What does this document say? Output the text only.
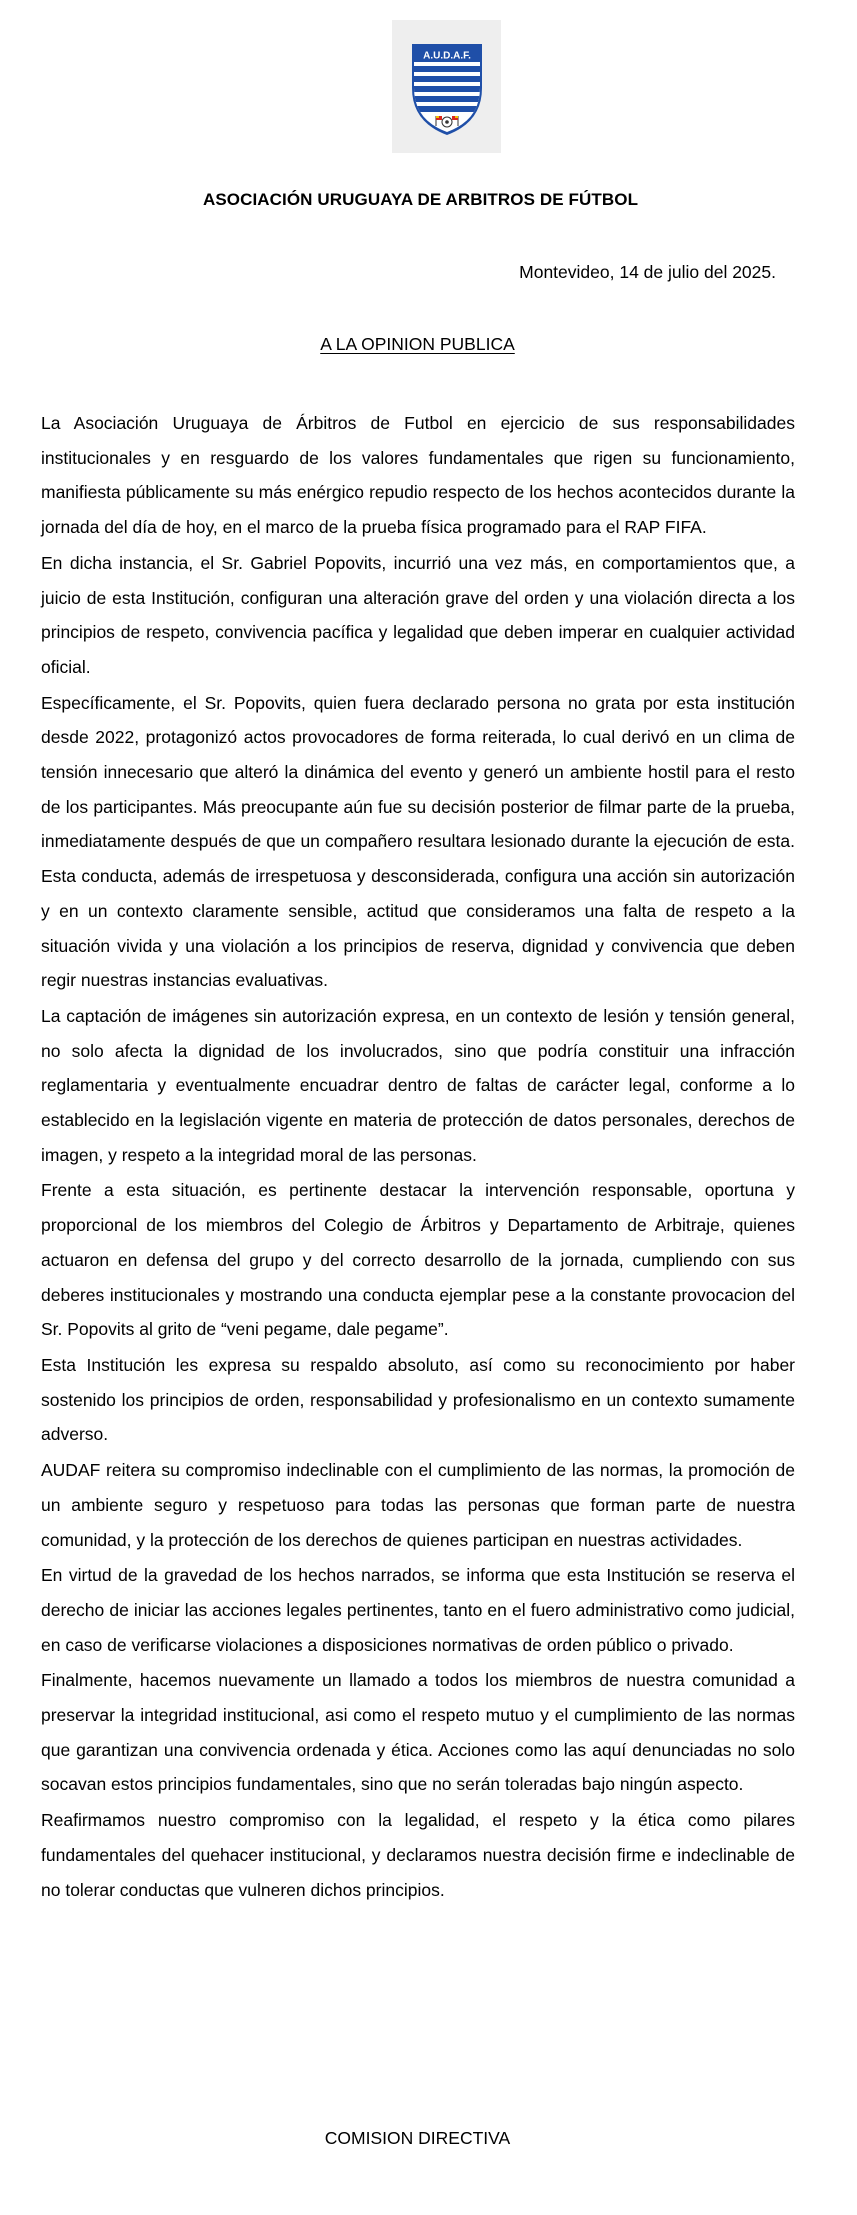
A.U.D.A.F.
ASOCIACIÓN URUGUAYA DE ARBITROS DE FÚTBOL
Montevideo, 14 de julio del 2025.
A LA OPINION PUBLICA

La Asociación Uruguaya de Árbitros de Futbol en ejercicio de sus responsabilidades institucionales y en resguardo de los valores fundamentales que rigen su funcionamiento, manifiesta públicamente su más enérgico repudio respecto de los hechos acontecidos durante la jornada del día de hoy, en el marco de la prueba física programado para el RAP FIFA.

En dicha instancia, el Sr. Gabriel Popovits, incurrió una vez más, en comportamientos que, a juicio de esta Institución, configuran una alteración grave del orden y una violación directa a los principios de respeto, convivencia pacífica y legalidad que deben imperar en cualquier actividad oficial.

Específicamente, el Sr. Popovits, quien fuera declarado persona no grata por esta institución desde 2022, protagonizó actos provocadores de forma reiterada, lo cual derivó en un clima de tensión innecesario que alteró la dinámica del evento y generó un ambiente hostil para el resto de los participantes. Más preocupante aún fue su decisión posterior de filmar parte de la prueba, inmediatamente después de que un compañero resultara lesionado durante la ejecución de esta. Esta conducta, además de irrespetuosa y desconsiderada, configura una acción sin autorización y en un contexto claramente sensible, actitud que consideramos una falta de respeto a la situación vivida y una violación a los principios de reserva, dignidad y convivencia que deben regir nuestras instancias evaluativas.

La captación de imágenes sin autorización expresa, en un contexto de lesión y tensión general, no solo afecta la dignidad de los involucrados, sino que podría constituir una infracción reglamentaria y eventualmente encuadrar dentro de faltas de carácter legal, conforme a lo establecido en la legislación vigente en materia de protección de datos personales, derechos de imagen, y respeto a la integridad moral de las personas.

Frente a esta situación, es pertinente destacar la intervención responsable, oportuna y proporcional de los miembros del Colegio de Árbitros y Departamento de Arbitraje, quienes actuaron en defensa del grupo y del correcto desarrollo de la jornada, cumpliendo con sus deberes institucionales y mostrando una conducta ejemplar pese a la constante provocacion del Sr. Popovits al grito de “veni pegame, dale pegame”.

Esta Institución les expresa su respaldo absoluto, así como su reconocimiento por haber sostenido los principios de orden, responsabilidad y profesionalismo en un contexto sumamente adverso.

AUDAF reitera su compromiso indeclinable con el cumplimiento de las normas, la promoción de un ambiente seguro y respetuoso para todas las personas que forman parte de nuestra comunidad, y la protección de los derechos de quienes participan en nuestras actividades.

En virtud de la gravedad de los hechos narrados, se informa que esta Institución se reserva el derecho de iniciar las acciones legales pertinentes, tanto en el fuero administrativo como judicial, en caso de verificarse violaciones a disposiciones normativas de orden público o privado.

Finalmente, hacemos nuevamente un llamado a todos los miembros de nuestra comunidad a preservar la integridad institucional, asi como el respeto mutuo y el cumplimiento de las normas que garantizan una convivencia ordenada y ética. Acciones como las aquí denunciadas no solo socavan estos principios fundamentales, sino que no serán toleradas bajo ningún aspecto.

Reafirmamos nuestro compromiso con la legalidad, el respeto y la ética como pilares fundamentales del quehacer institucional, y declaramos nuestra decisión firme e indeclinable de no tolerar conductas que vulneren dichos principios.

COMISION DIRECTIVA
